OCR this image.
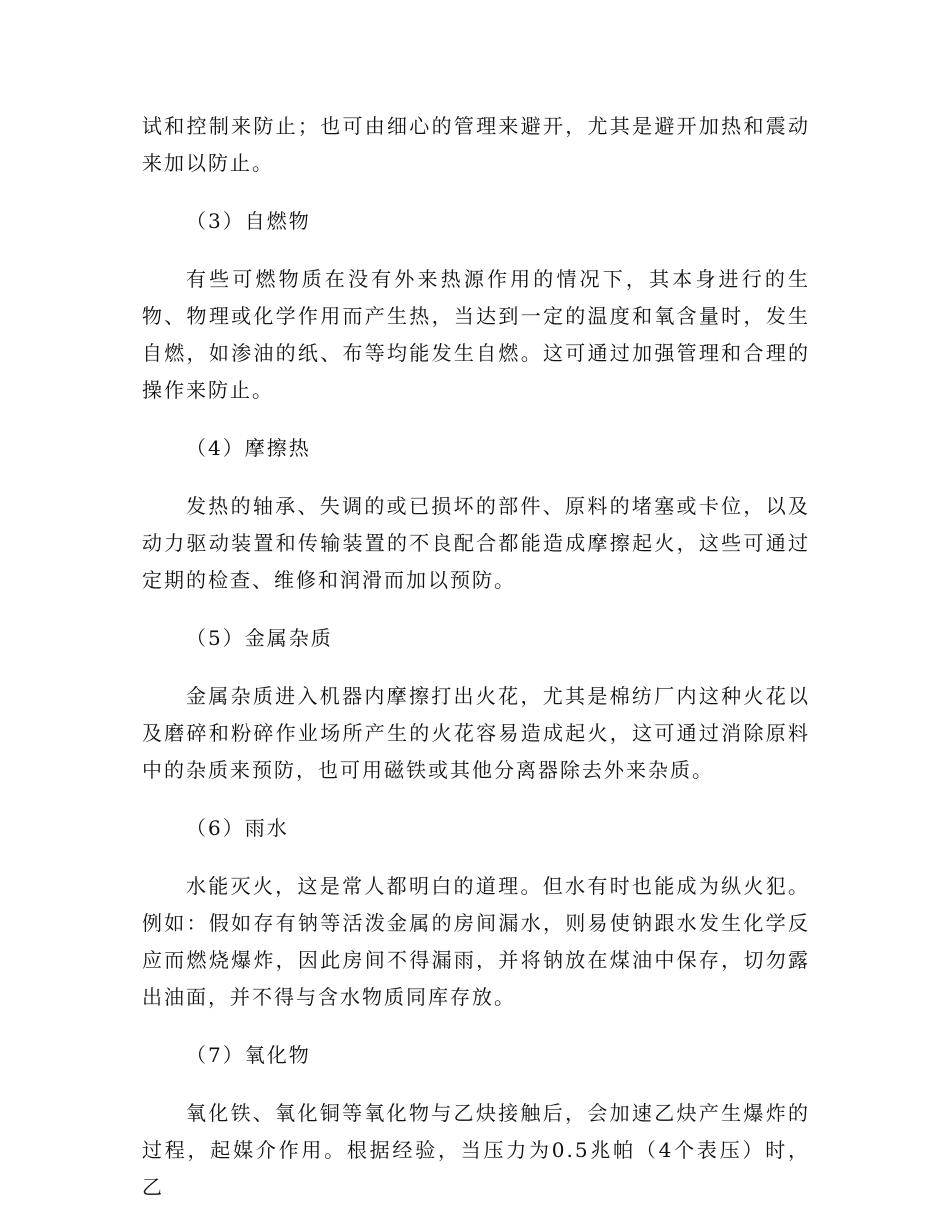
试和控制来防止；也可由细心的管理来避开，尤其是避开加热和震动来加以防止。

（3）自燃物

有些可燃物质在没有外来热源作用的情况下，其本身进行的生物、物理或化学作用而产生热，当达到一定的温度和氧含量时，发生自燃，如渗油的纸、布等均能发生自燃。这可通过加强管理和合理的操作来防止。

（4）摩擦热

发热的轴承、失调的或已损坏的部件、原料的堵塞或卡位，以及动力驱动装置和传输装置的不良配合都能造成摩擦起火，这些可通过定期的检查、维修和润滑而加以预防。

（5）金属杂质

金属杂质进入机器内摩擦打出火花，尤其是棉纺厂内这种火花以及磨碎和粉碎作业场所产生的火花容易造成起火，这可通过消除原料中的杂质来预防，也可用磁铁或其他分离器除去外来杂质。

（6）雨水

水能灭火，这是常人都明白的道理。但水有时也能成为纵火犯。例如：假如存有钠等活泼金属的房间漏水，则易使钠跟水发生化学反应而燃烧爆炸，因此房间不得漏雨，并将钠放在煤油中保存，切勿露出油面，并不得与含水物质同库存放。

（7）氧化物

氧化铁、氧化铜等氧化物与乙炔接触后，会加速乙炔产生爆炸的过程，起媒介作用。根据经验，当压力为0.5兆帕（4个表压）时，乙
